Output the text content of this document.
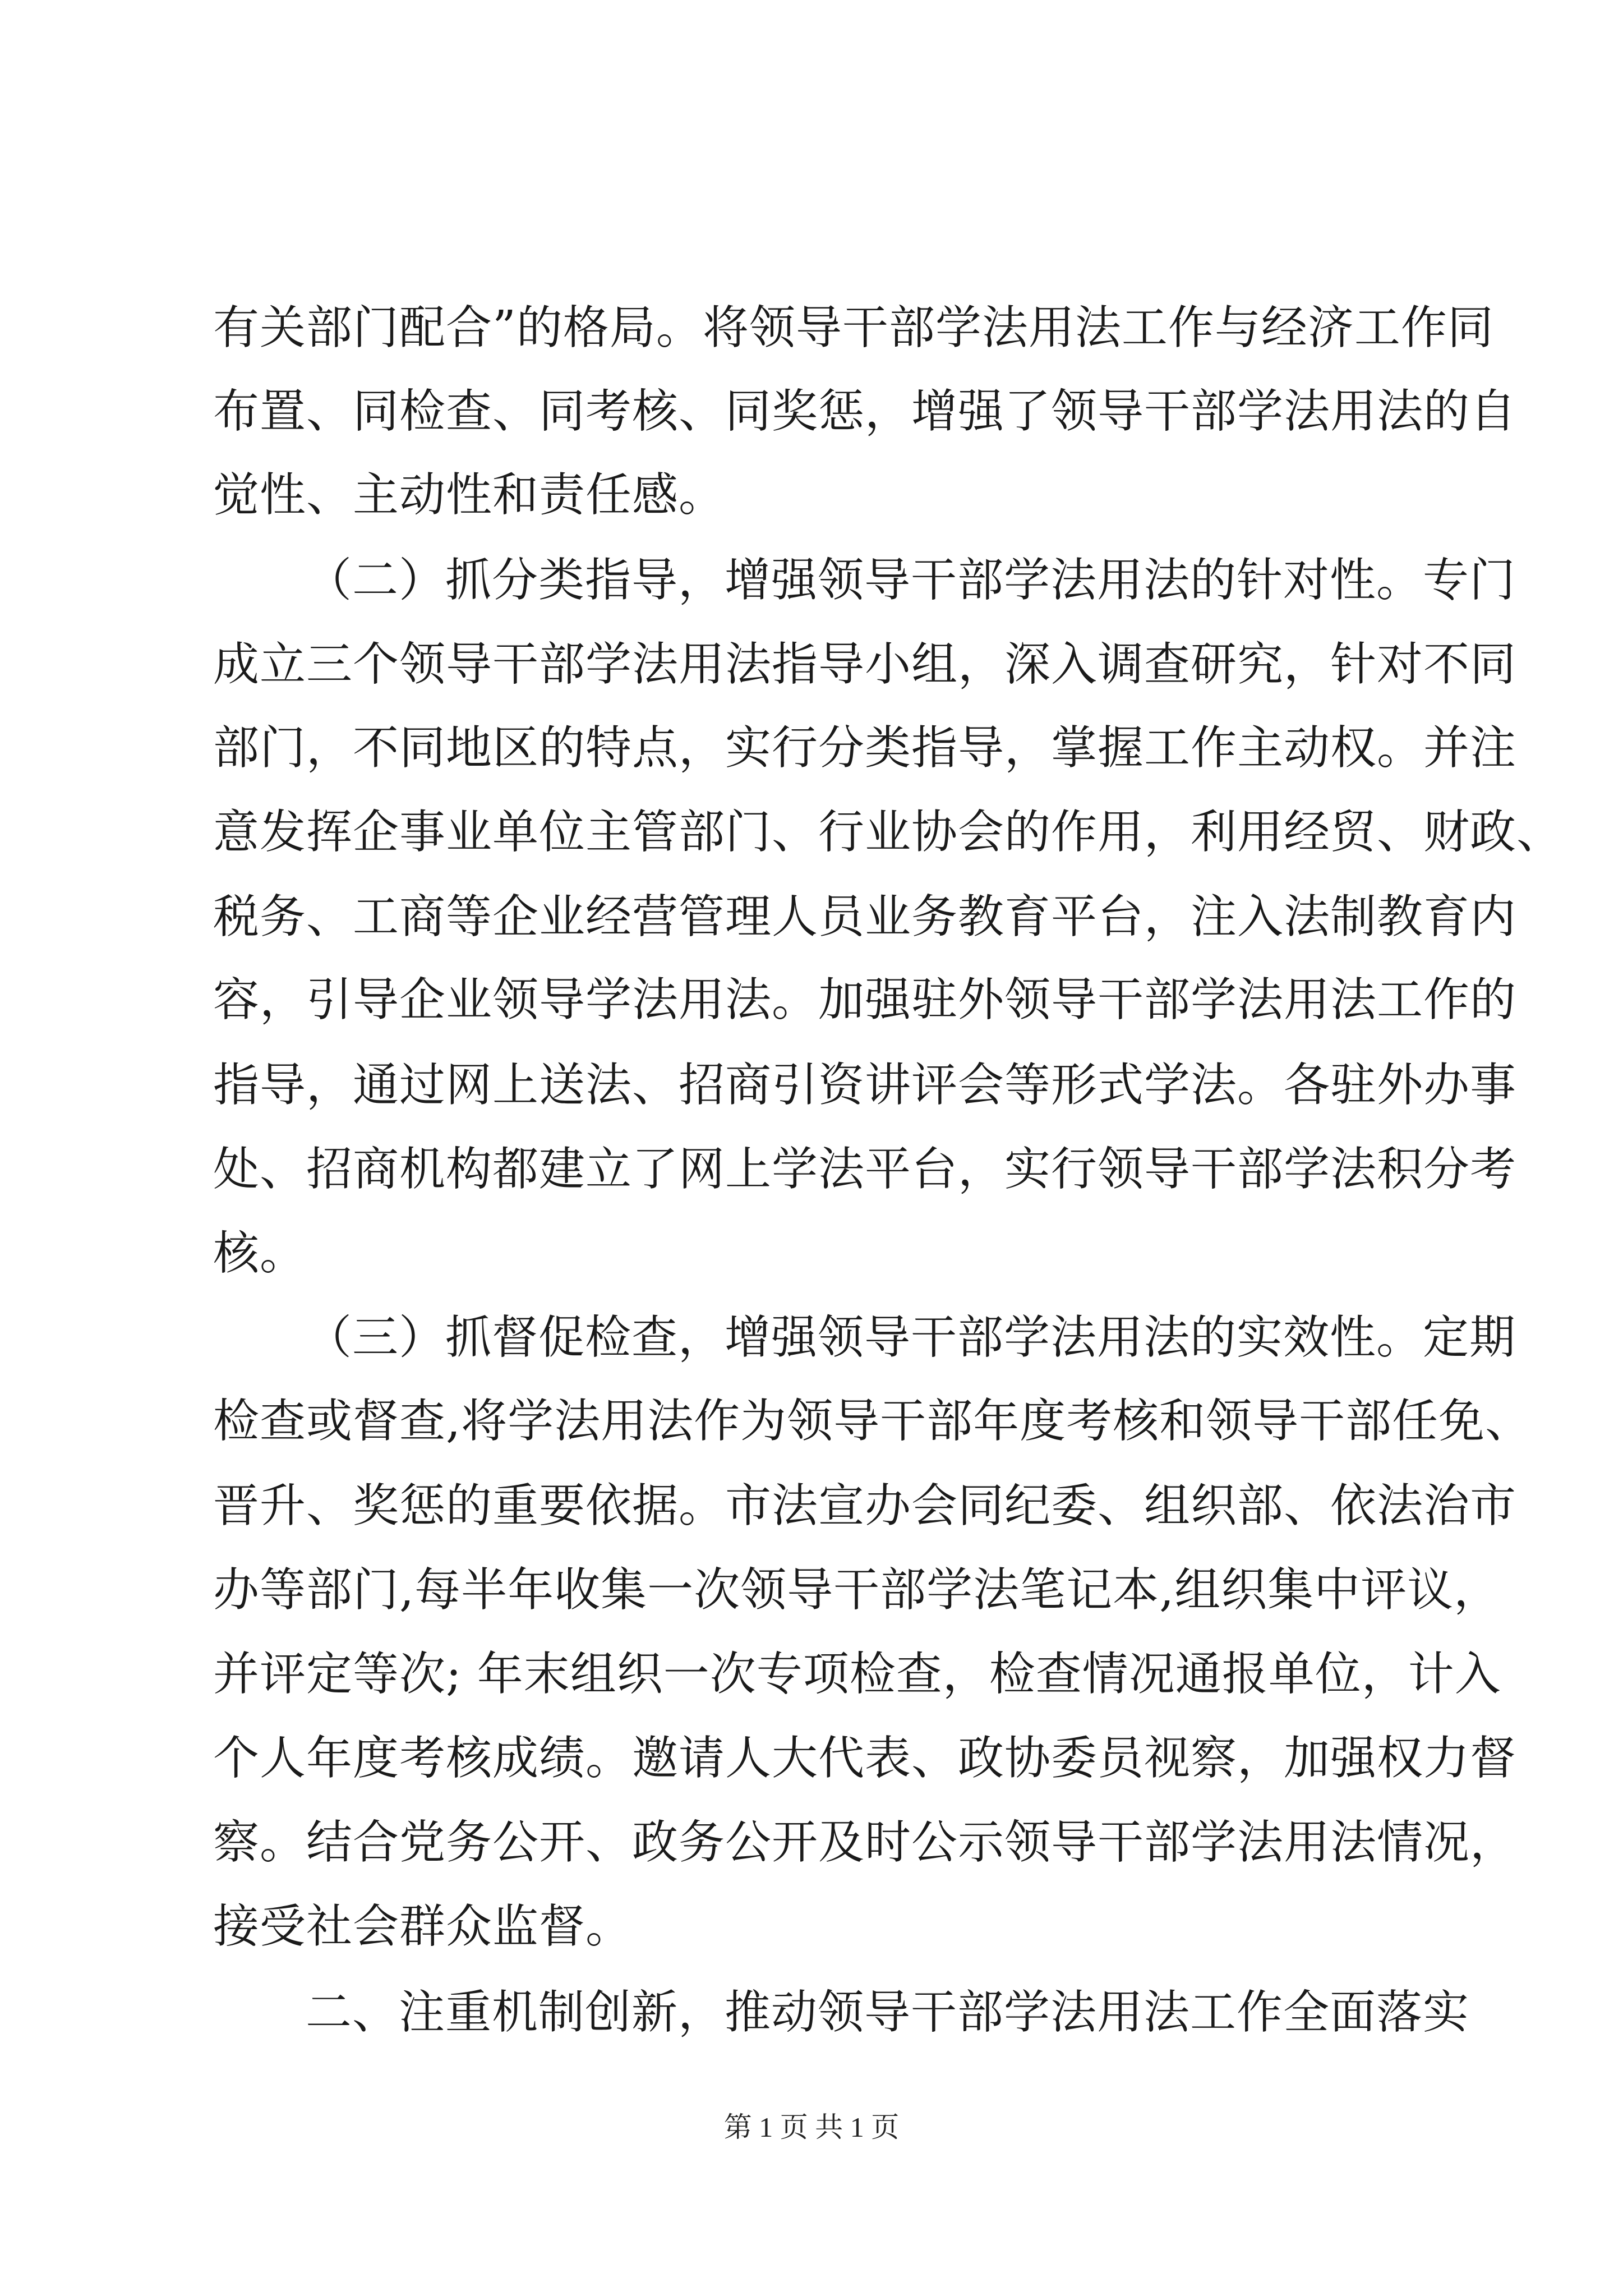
有关部门配合”的格局。将领导干部学法用法工作与经济工作同
布置、同检查、同考核、同奖惩，增强了领导干部学法用法的自
觉性、主动性和责任感。
（二）抓分类指导，增强领导干部学法用法的针对性。专门
成立三个领导干部学法用法指导小组，深入调查研究，针对不同
部门，不同地区的特点，实行分类指导，掌握工作主动权。并注
意发挥企事业单位主管部门、行业协会的作用，利用经贸、财政、
税务、工商等企业经营管理人员业务教育平台，注入法制教育内
容，引导企业领导学法用法。加强驻外领导干部学法用法工作的
指导，通过网上送法、招商引资讲评会等形式学法。各驻外办事
处、招商机构都建立了网上学法平台，实行领导干部学法积分考
核。
（三）抓督促检查，增强领导干部学法用法的实效性。定期
检查或督查,将学法用法作为领导干部年度考核和领导干部任免、
晋升、奖惩的重要依据。市法宣办会同纪委、组织部、依法治市
办等部门,每半年收集一次领导干部学法笔记本,组织集中评议，
并评定等次; 年末组织一次专项检查，检查情况通报单位，计入
个人年度考核成绩。邀请人大代表、政协委员视察，加强权力督
察。结合党务公开、政务公开及时公示领导干部学法用法情况，
接受社会群众监督。
二、注重机制创新，推动领导干部学法用法工作全面落实
第 1 页 共 1 页
